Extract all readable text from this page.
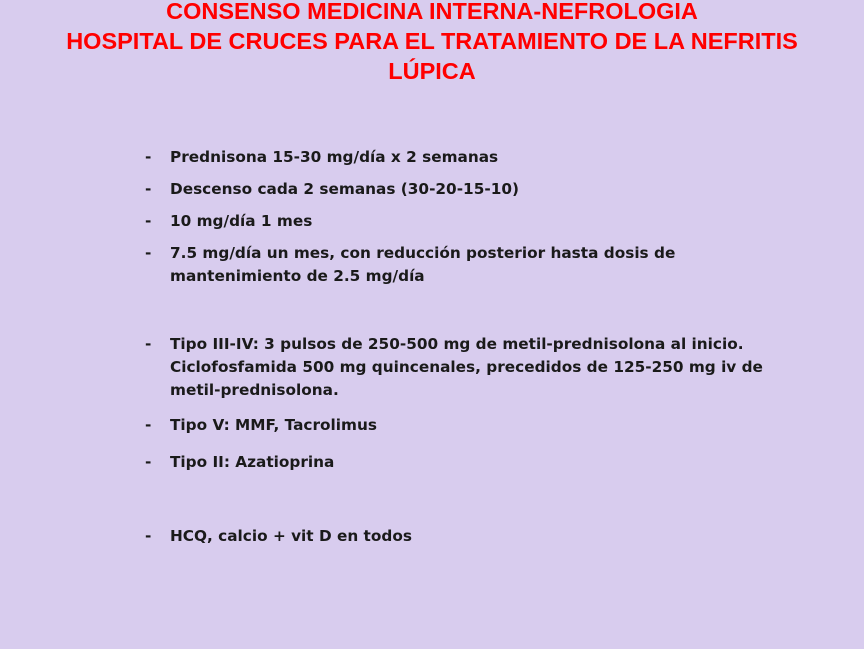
CONSENSO MEDICINA INTERNA-NEFROLOGIA
HOSPITAL DE CRUCES PARA EL TRATAMIENTO DE LA NEFRITIS
LÚPICA
- Prednisona 15-30 mg/día x 2 semanas
- Descenso cada 2 semanas (30-20-15-10)
- 10 mg/día 1 mes
- 7.5 mg/día un mes, con reducción posterior hasta dosis de
mantenimiento de 2.5 mg/día
- Tipo III-IV: 3 pulsos de 250-500 mg de metil-prednisolona al inicio.
Ciclofosfamida 500 mg quincenales, precedidos de 125-250 mg iv de
metil-prednisolona.
- Tipo V: MMF, Tacrolimus
- Tipo II: Azatioprina
- HCQ, calcio + vit D en todos
